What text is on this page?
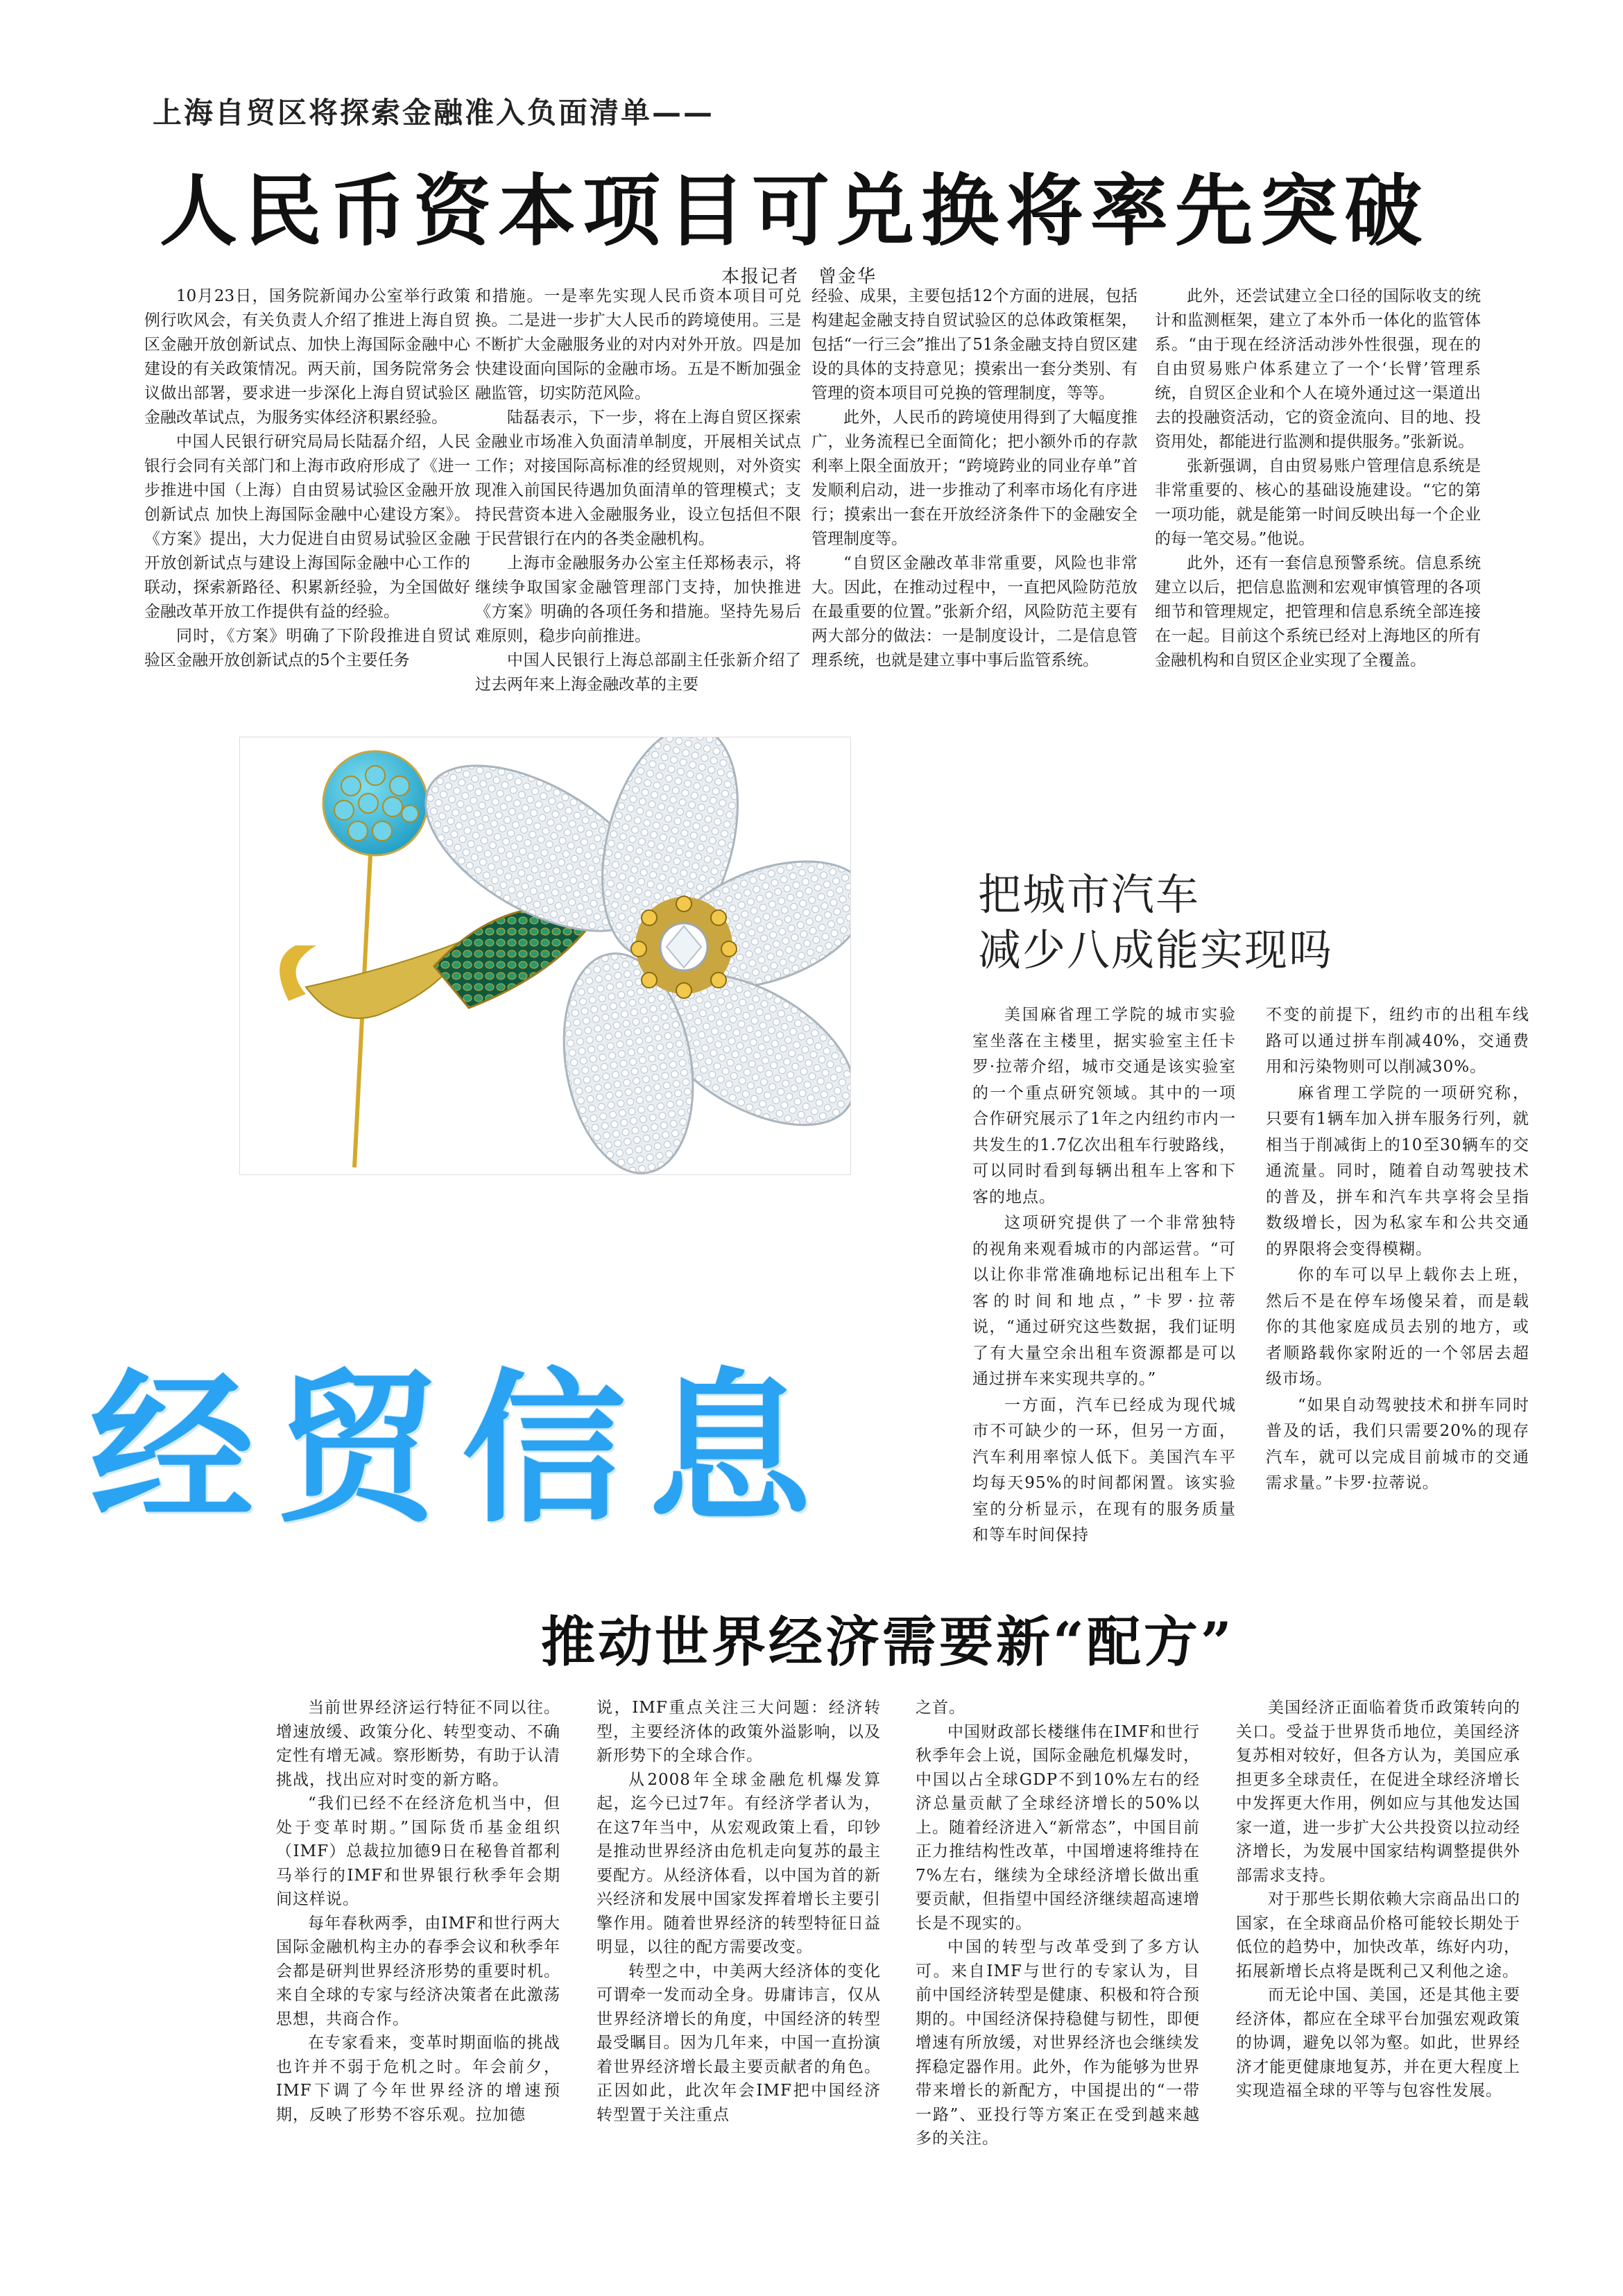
上海自贸区将探索金融准入负面清单——
人民币资本项目可兑换将率先突破
本报记者　曾金华

10月23日，国务院新闻办公室举行政策例行吹风会，有关负责人介绍了推进上海自贸区金融开放创新试点、加快上海国际金融中心建设的有关政策情况。两天前，国务院常务会议做出部署，要求进一步深化上海自贸试验区金融改革试点，为服务实体经济积累经验。

中国人民银行研究局局长陆磊介绍，人民银行会同有关部门和上海市政府形成了《进一步推进中国（上海）自由贸易试验区金融开放创新试点 加快上海国际金融中心建设方案》。《方案》提出，大力促进自由贸易试验区金融开放创新试点与建设上海国际金融中心工作的联动，探索新路径、积累新经验，为全国做好金融改革开放工作提供有益的经验。

同时，《方案》明确了下阶段推进自贸试验区金融开放创新试点的5个主要任务

和措施。一是率先实现人民币资本项目可兑换。二是进一步扩大人民币的跨境使用。三是不断扩大金融服务业的对内对外开放。四是加快建设面向国际的金融市场。五是不断加强金融监管，切实防范风险。

陆磊表示，下一步，将在上海自贸区探索金融业市场准入负面清单制度，开展相关试点工作；对接国际高标准的经贸规则，对外资实现准入前国民待遇加负面清单的管理模式；支持民营资本进入金融服务业，设立包括但不限于民营银行在内的各类金融机构。

上海市金融服务办公室主任郑杨表示，将继续争取国家金融管理部门支持，加快推进《方案》明确的各项任务和措施。坚持先易后难原则，稳步向前推进。

中国人民银行上海总部副主任张新介绍了过去两年来上海金融改革的主要

经验、成果，主要包括12个方面的进展，包括构建起金融支持自贸试验区的总体政策框架，包括“一行三会”推出了51条金融支持自贸区建设的具体的支持意见；摸索出一套分类别、有管理的资本项目可兑换的管理制度，等等。

此外，人民币的跨境使用得到了大幅度推广，业务流程已全面简化；把小额外币的存款利率上限全面放开；“跨境跨业的同业存单”首发顺利启动，进一步推动了利率市场化有序进行；摸索出一套在开放经济条件下的金融安全管理制度等。

“自贸区金融改革非常重要，风险也非常大。因此，在推动过程中，一直把风险防范放在最重要的位置。”张新介绍，风险防范主要有两大部分的做法：一是制度设计，二是信息管理系统，也就是建立事中事后监管系统。

此外，还尝试建立全口径的国际收支的统计和监测框架，建立了本外币一体化的监管体系。“由于现在经济活动涉外性很强，现在的自由贸易账户体系建立了一个‘长臂’管理系统，自贸区企业和个人在境外通过这一渠道出去的投融资活动，它的资金流向、目的地、投资用处，都能进行监测和提供服务。”张新说。

张新强调，自由贸易账户管理信息系统是非常重要的、核心的基础设施建设。“它的第一项功能，就是能第一时间反映出每一个企业的每一笔交易。”他说。

此外，还有一套信息预警系统。信息系统建立以后，把信息监测和宏观审慎管理的各项细节和管理规定，把管理和信息系统全部连接在一起。目前这个系统已经对上海地区的所有金融机构和自贸区企业实现了全覆盖。

把城市汽车
减少八成能实现吗

美国麻省理工学院的城市实验室坐落在主楼里，据实验室主任卡罗·拉蒂介绍，城市交通是该实验室的一个重点研究领域。其中的一项合作研究展示了1年之内纽约市内一共发生的1.7亿次出租车行驶路线，可以同时看到每辆出租车上客和下客的地点。

这项研究提供了一个非常独特的视角来观看城市的内部运营。“可以让你非常准确地标记出租车上下客的时间和地点，”卡罗·拉蒂说，“通过研究这些数据，我们证明了有大量空余出租车资源都是可以通过拼车来实现共享的。”

一方面，汽车已经成为现代城市不可缺少的一环，但另一方面，汽车利用率惊人低下。美国汽车平均每天95%的时间都闲置。该实验室的分析显示，在现有的服务质量和等车时间保持

不变的前提下，纽约市的出租车线路可以通过拼车削减40%，交通费用和污染物则可以削减30%。

麻省理工学院的一项研究称，只要有1辆车加入拼车服务行列，就相当于削减街上的10至30辆车的交通流量。同时，随着自动驾驶技术的普及，拼车和汽车共享将会呈指数级增长，因为私家车和公共交通的界限将会变得模糊。

你的车可以早上载你去上班，然后不是在停车场傻呆着，而是载你的其他家庭成员去别的地方，或者顺路载你家附近的一个邻居去超级市场。

“如果自动驾驶技术和拼车同时普及的话，我们只需要20%的现存汽车，就可以完成目前城市的交通需求量。”卡罗·拉蒂说。

经贸信息
推动世界经济需要新“配方”

当前世界经济运行特征不同以往。增速放缓、政策分化、转型变动、不确定性有增无减。察形断势，有助于认清挑战，找出应对时变的新方略。

“我们已经不在经济危机当中，但处于变革时期。”国际货币基金组织（IMF）总裁拉加德9日在秘鲁首都利马举行的IMF和世界银行秋季年会期间这样说。

每年春秋两季，由IMF和世行两大国际金融机构主办的春季会议和秋季年会都是研判世界经济形势的重要时机。来自全球的专家与经济决策者在此激荡思想，共商合作。

在专家看来，变革时期面临的挑战也许并不弱于危机之时。年会前夕，IMF下调了今年世界经济的增速预期，反映了形势不容乐观。拉加德

说，IMF重点关注三大问题：经济转型，主要经济体的政策外溢影响，以及新形势下的全球合作。

从2008年全球金融危机爆发算起，迄今已过7年。有经济学者认为，在这7年当中，从宏观政策上看，印钞是推动世界经济由危机走向复苏的最主要配方。从经济体看，以中国为首的新兴经济和发展中国家发挥着增长主要引擎作用。随着世界经济的转型特征日益明显，以往的配方需要改变。

转型之中，中美两大经济体的变化可谓牵一发而动全身。毋庸讳言，仅从世界经济增长的角度，中国经济的转型最受瞩目。因为几年来，中国一直扮演着世界经济增长最主要贡献者的角色。正因如此，此次年会IMF把中国经济转型置于关注重点

之首。

中国财政部长楼继伟在IMF和世行秋季年会上说，国际金融危机爆发时，中国以占全球GDP不到10%左右的经济总量贡献了全球经济增长的50%以上。随着经济进入“新常态”，中国目前正力推结构性改革，中国增速将维持在7%左右，继续为全球经济增长做出重要贡献，但指望中国经济继续超高速增长是不现实的。

中国的转型与改革受到了多方认可。来自IMF与世行的专家认为，目前中国经济转型是健康、积极和符合预期的。中国经济保持稳健与韧性，即便增速有所放缓，对世界经济也会继续发挥稳定器作用。此外，作为能够为世界带来增长的新配方，中国提出的“一带一路”、亚投行等方案正在受到越来越多的关注。

美国经济正面临着货币政策转向的关口。受益于世界货币地位，美国经济复苏相对较好，但各方认为，美国应承担更多全球责任，在促进全球经济增长中发挥更大作用，例如应与其他发达国家一道，进一步扩大公共投资以拉动经济增长，为发展中国家结构调整提供外部需求支持。

对于那些长期依赖大宗商品出口的国家，在全球商品价格可能较长期处于低位的趋势中，加快改革，练好内功，拓展新增长点将是既利己又利他之途。

而无论中国、美国，还是其他主要经济体，都应在全球平台加强宏观政策的协调，避免以邻为壑。如此，世界经济才能更健康地复苏，并在更大程度上实现造福全球的平等与包容性发展。
